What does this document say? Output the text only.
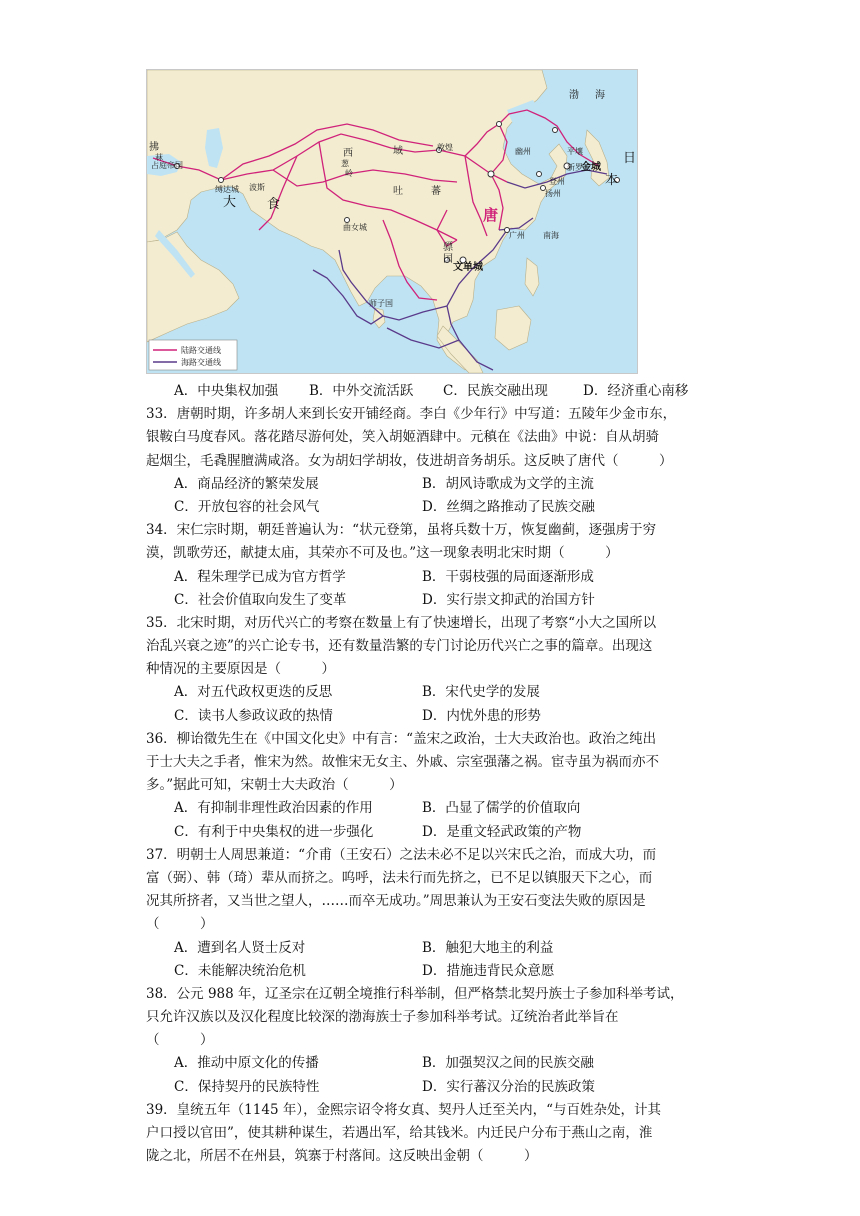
渤 海
拂
菻
占庭帝国
缚达城 波斯
大 食
西
葱
岭
域	敦煌
吐	蕃
幽州	平壤
新罗
金城
登州
扬州
日
本
唐
广州 南海
曲女城
骠
国
文单城
师子国
陆路交通线
海路交通线
A．中央集权加强 B．中外交流活跃 C．民族交融出现	D．经济重心南移
33．唐朝时期，许多胡人来到长安开铺经商。李白《少年行》中写道：五陵年少金市东，
银鞍白马度春风。落花踏尽游何处，笑入胡姬酒肆中。元稹在《法曲》中说：自从胡骑
起烟尘，毛毳腥膻满咸洛。女为胡妇学胡妆，伎进胡音务胡乐。这反映了唐代（　　　）
A．商品经济的繁荣发展	B．胡风诗歌成为文学的主流
C．开放包容的社会风气	D．丝绸之路推动了民族交融
34．宋仁宗时期，朝廷普遍认为：“状元登第，虽将兵数十万，恢复幽蓟，逐强虏于穷
漠，凯歌劳还，献捷太庙，其荣亦不可及也。”这一现象表明北宋时期（　　　）
A．程朱理学已成为官方哲学	B．干弱枝强的局面逐渐形成
C．社会价值取向发生了变革	D．实行崇文抑武的治国方针
35．北宋时期，对历代兴亡的考察在数量上有了快速增长，出现了考察“小大之国所以
治乱兴衰之迹”的兴亡论专书，还有数量浩繁的专门讨论历代兴亡之事的篇章。出现这
种情况的主要原因是（　　　）
A．对五代政权更迭的反思	B．宋代史学的发展
C．读书人参政议政的热情	D．内忧外患的形势
36．柳诒徵先生在《中国文化史》中有言：“盖宋之政治，士大夫政治也。政治之纯出
于士大夫之手者，惟宋为然。故惟宋无女主、外戚、宗室强藩之祸。宦寺虽为祸而亦不
多。”据此可知，宋朝士大夫政治（　　　）
A．有抑制非理性政治因素的作用	B．凸显了儒学的价值取向
C．有利于中央集权的进一步强化	D．是重文轻武政策的产物
37．明朝士人周思兼道：“介甫（王安石）之法未必不足以兴宋氏之治，而成大功，而
富（弼）、韩（琦）辈从而挤之。呜呼，法未行而先挤之，已不足以镇服天下之心，而
况其所挤者，又当世之望人，……而卒无成功。”周思兼认为王安石变法失败的原因是
（　　　）
A．遭到名人贤士反对	B．触犯大地主的利益
C．未能解决统治危机	D．措施违背民众意愿
38．公元 988 年，辽圣宗在辽朝全境推行科举制，但严格禁北契丹族士子参加科举考试，
只允许汉族以及汉化程度比较深的渤海族士子参加科举考试。辽统治者此举旨在
（　　　）
A．推动中原文化的传播	B．加强契汉之间的民族交融
C．保持契丹的民族特性	D．实行蕃汉分治的民族政策
39．皇统五年（1145 年），金熙宗诏令将女真、契丹人迁至关内，“与百姓杂处，计其
户口授以官田”，使其耕种谋生，若遇出军，给其钱米。内迁民户分布于燕山之南，淮
陇之北，所居不在州县，筑寨于村落间。这反映出金朝（　　　）
